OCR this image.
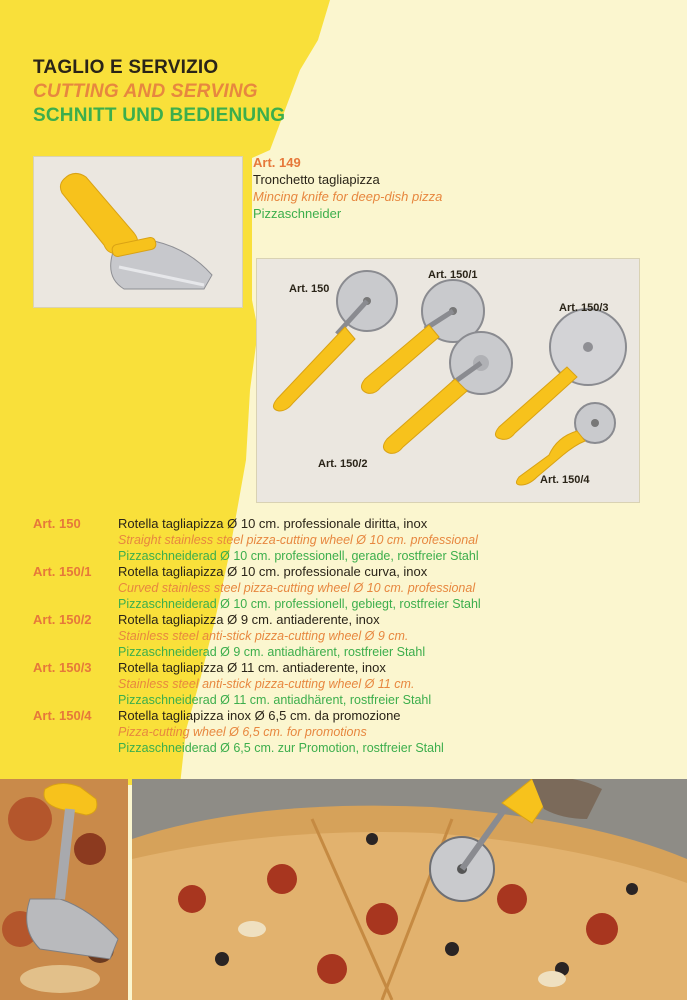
TAGLIO E SERVIZIO
CUTTING AND SERVING
SCHNITT UND BEDIENUNG
Art. 149
Tronchetto tagliapizza
Mincing knife for deep-dish pizza
Pizzaschneider
Art. 150
Art. 150/1
Art. 150/2
Art. 150/3
Art. 150/4
Art. 150	Rotella tagliapizza Ø 10 cm. professionale diritta, inox
Straight stainless steel pizza-cutting wheel Ø 10 cm. professional
Pizzaschneiderad Ø 10 cm. professionell, gerade, rostfreier Stahl
Art. 150/1	Rotella tagliapizza Ø 10 cm. professionale curva, inox
Curved stainless steel pizza-cutting wheel Ø 10 cm. professional
Pizzaschneiderad Ø 10 cm. professionell, gebiegt, rostfreier Stahl
Art. 150/2	Rotella tagliapizza Ø 9 cm. antiaderente, inox
Stainless steel anti-stick pizza-cutting wheel Ø 9 cm.
Pizzaschneiderad Ø 9 cm. antiadhärent, rostfreier Stahl
Art. 150/3	Rotella tagliapizza Ø 11 cm. antiaderente, inox
Stainless steel anti-stick pizza-cutting wheel Ø 11 cm.
Pizzaschneiderad Ø 11 cm. antiadhärent, rostfreier Stahl
Art. 150/4	Rotella tagliapizza inox Ø 6,5 cm. da promozione
Pizza-cutting wheel Ø 6,5 cm. for promotions
Pizzaschneiderad Ø 6,5 cm. zur Promotion, rostfreier Stahl
